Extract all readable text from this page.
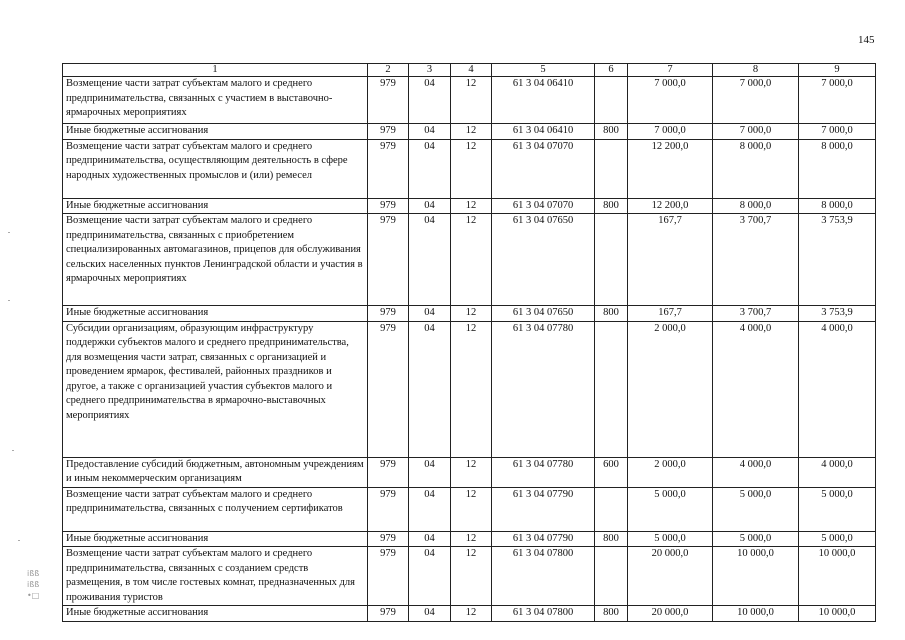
145
1	2	3	4	5	6	7	8	9
Возмещение части затрат субъектам малого и среднего предпринимательства, связанных с участием в выставочно-ярмарочных мероприятиях	979	04	12	61 3 04 06410		7 000,0	7 000,0	7 000,0
Иные бюджетные ассигнования	979	04	12	61 3 04 06410	800	7 000,0	7 000,0	7 000,0
Возмещение части затрат субъектам малого и среднего предпринимательства, осуществляющим деятельность в сфере народных художественных промыслов и (или) ремесел	979	04	12	61 3 04 07070		12 200,0	8 000,0	8 000,0
Иные бюджетные ассигнования	979	04	12	61 3 04 07070	800	12 200,0	8 000,0	8 000,0
Возмещение части затрат субъектам малого и среднего предпринимательства, связанных с приобретением специализированных автомагазинов, прицепов для обслуживания сельских населенных пунктов Ленинградской области и участия в ярмарочных мероприятиях	979	04	12	61 3 04 07650		167,7	3 700,7	3 753,9
Иные бюджетные ассигнования	979	04	12	61 3 04 07650	800	167,7	3 700,7	3 753,9
Субсидии организациям, образующим инфраструктуру поддержки субъектов малого и среднего предпринимательства, для возмещения части затрат, связанных с организацией и проведением ярмарок, фестивалей, районных праздников и другое, а также с организацией участия субъектов малого и среднего предпринимательства в ярмарочно-выставочных мероприятиях	979	04	12	61 3 04 07780		2 000,0	4 000,0	4 000,0
Предоставление субсидий бюджетным, автономным учреждениям и иным некоммерческим организациям	979	04	12	61 3 04 07780	600	2 000,0	4 000,0	4 000,0
Возмещение части затрат субъектам малого и среднего предпринимательства, связанных с получением сертификатов	979	04	12	61 3 04 07790		5 000,0	5 000,0	5 000,0
Иные бюджетные ассигнования	979	04	12	61 3 04 07790	800	5 000,0	5 000,0	5 000,0
Возмещение части затрат субъектам малого и среднего предпринимательства, связанных с созданием средств размещения, в том числе гостевых комнат, предназначенных для проживания туристов	979	04	12	61 3 04 07800		20 000,0	10 000,0	10 000,0
Иные бюджетные ассигнования	979	04	12	61 3 04 07800	800	20 000,0	10 000,0	10 000,0
ißß
ißß
•□
